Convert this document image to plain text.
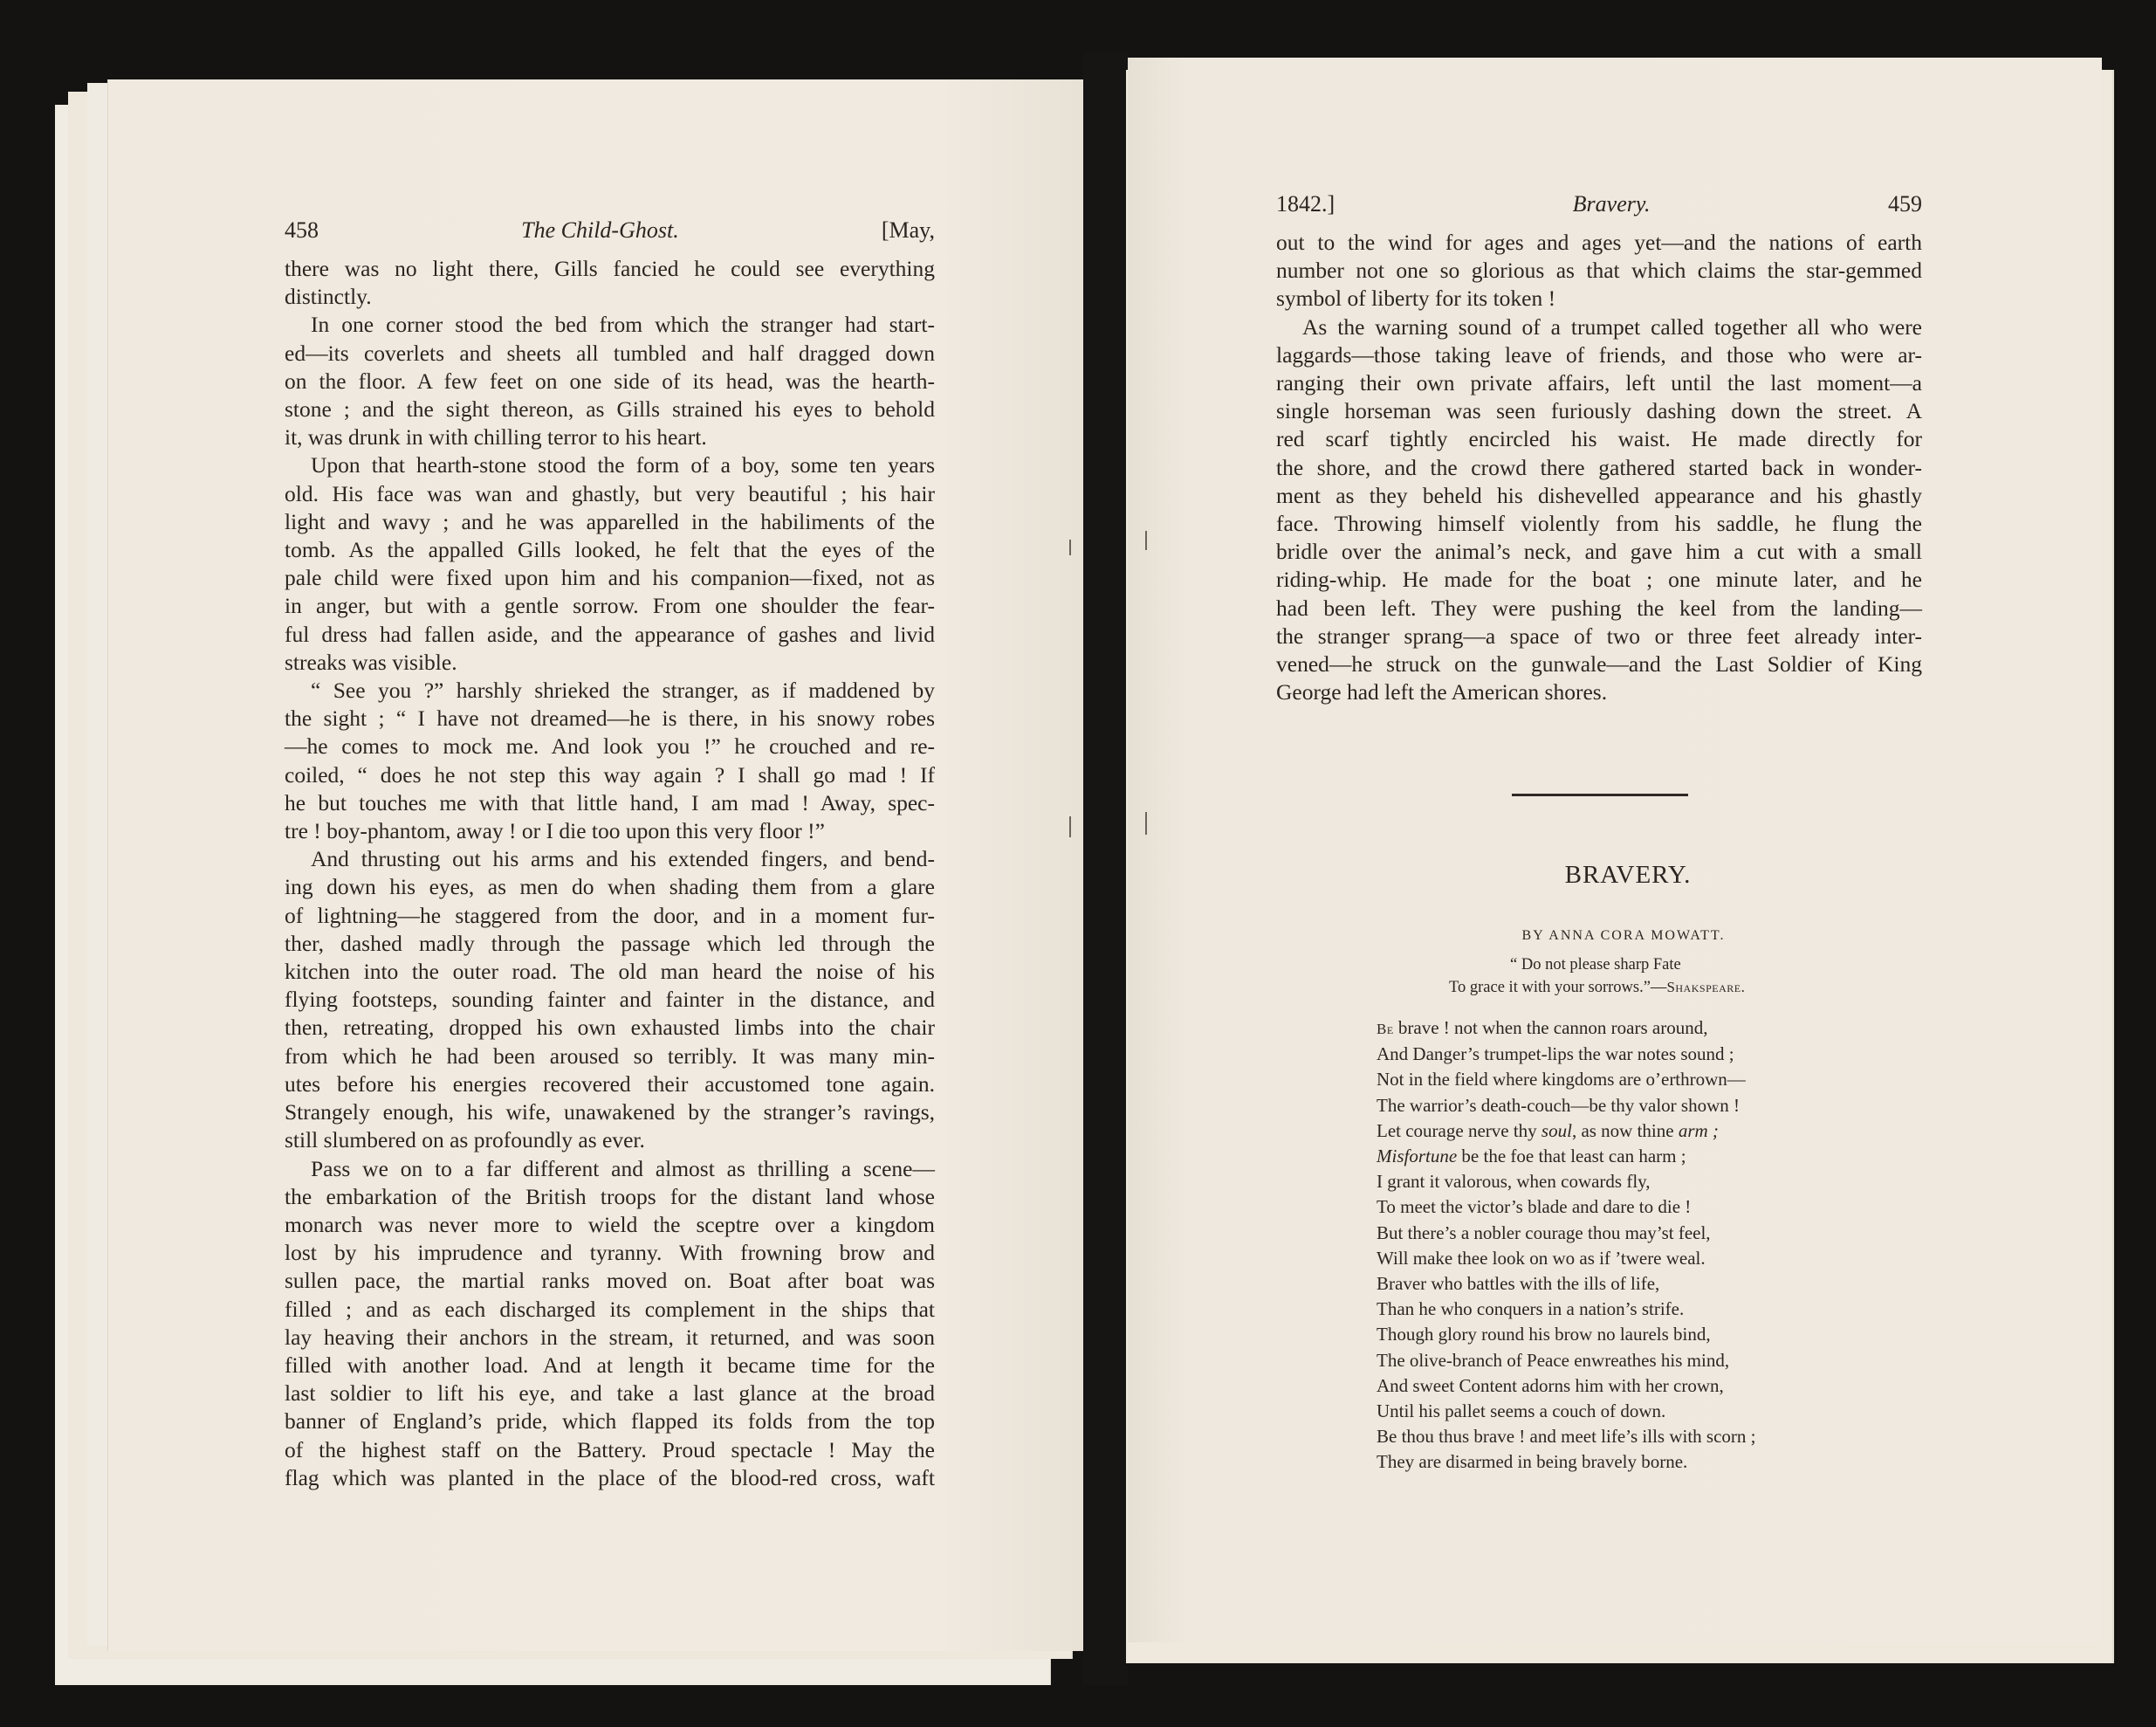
458	The Child-Ghost.	[May,
there was no light there, Gills fancied he could see everything
distinctly.
In one corner stood the bed from which the stranger had start-
ed—its coverlets and sheets all tumbled and half dragged down
on the floor. A few feet on one side of its head, was the hearth-
stone ; and the sight thereon, as Gills strained his eyes to behold
it, was drunk in with chilling terror to his heart.
Upon that hearth-stone stood the form of a boy, some ten years
old. His face was wan and ghastly, but very beautiful ; his hair
light and wavy ; and he was apparelled in the habiliments of the
tomb. As the appalled Gills looked, he felt that the eyes of the
pale child were fixed upon him and his companion—fixed, not as
in anger, but with a gentle sorrow. From one shoulder the fear-
ful dress had fallen aside, and the appearance of gashes and livid
streaks was visible.
“ See you ?” harshly shrieked the stranger, as if maddened by
the sight ; “ I have not dreamed—he is there, in his snowy robes
—he comes to mock me. And look you !” he crouched and re-
coiled, “ does he not step this way again ? I shall go mad ! If
he but touches me with that little hand, I am mad ! Away, spec-
tre ! boy-phantom, away ! or I die too upon this very floor !”
And thrusting out his arms and his extended fingers, and bend-
ing down his eyes, as men do when shading them from a glare
of lightning—he staggered from the door, and in a moment fur-
ther, dashed madly through the passage which led through the
kitchen into the outer road. The old man heard the noise of his
flying footsteps, sounding fainter and fainter in the distance, and
then, retreating, dropped his own exhausted limbs into the chair
from which he had been aroused so terribly. It was many min-
utes before his energies recovered their accustomed tone again.
Strangely enough, his wife, unawakened by the stranger’s ravings,
still slumbered on as profoundly as ever.
Pass we on to a far different and almost as thrilling a scene—
the embarkation of the British troops for the distant land whose
monarch was never more to wield the sceptre over a kingdom
lost by his imprudence and tyranny. With frowning brow and
sullen pace, the martial ranks moved on. Boat after boat was
filled ; and as each discharged its complement in the ships that
lay heaving their anchors in the stream, it returned, and was soon
filled with another load. And at length it became time for the
last soldier to lift his eye, and take a last glance at the broad
banner of England’s pride, which flapped its folds from the top
of the highest staff on the Battery. Proud spectacle ! May the
flag which was planted in the place of the blood-red cross, waft
1842.]	Bravery.	459
out to the wind for ages and ages yet—and the nations of earth
number not one so glorious as that which claims the star-gemmed
symbol of liberty for its token !
As the warning sound of a trumpet called together all who were
laggards—those taking leave of friends, and those who were ar-
ranging their own private affairs, left until the last moment—a
single horseman was seen furiously dashing down the street. A
red scarf tightly encircled his waist. He made directly for
the shore, and the crowd there gathered started back in wonder-
ment as they beheld his dishevelled appearance and his ghastly
face. Throwing himself violently from his saddle, he flung the
bridle over the animal’s neck, and gave him a cut with a small
riding-whip. He made for the boat ; one minute later, and he
had been left. They were pushing the keel from the landing—
the stranger sprang—a space of two or three feet already inter-
vened—he struck on the gunwale—and the Last Soldier of King
George had left the American shores.
BRAVERY.
BY ANNA CORA MOWATT.
“ Do not please sharp Fate
To grace it with your sorrows.”—Shakspeare.
Be brave ! not when the cannon roars around,
And Danger’s trumpet-lips the war notes sound ;
Not in the field where kingdoms are o’erthrown—
The warrior’s death-couch—be thy valor shown !
Let courage nerve thy soul, as now thine arm ;
Misfortune be the foe that least can harm ;
I grant it valorous, when cowards fly,
To meet the victor’s blade and dare to die !
But there’s a nobler courage thou may’st feel,
Will make thee look on wo as if ’twere weal.
Braver who battles with the ills of life,
Than he who conquers in a nation’s strife.
Though glory round his brow no laurels bind,
The olive-branch of Peace enwreathes his mind,
And sweet Content adorns him with her crown,
Until his pallet seems a couch of down.
Be thou thus brave ! and meet life’s ills with scorn ;
They are disarmed in being bravely borne.
